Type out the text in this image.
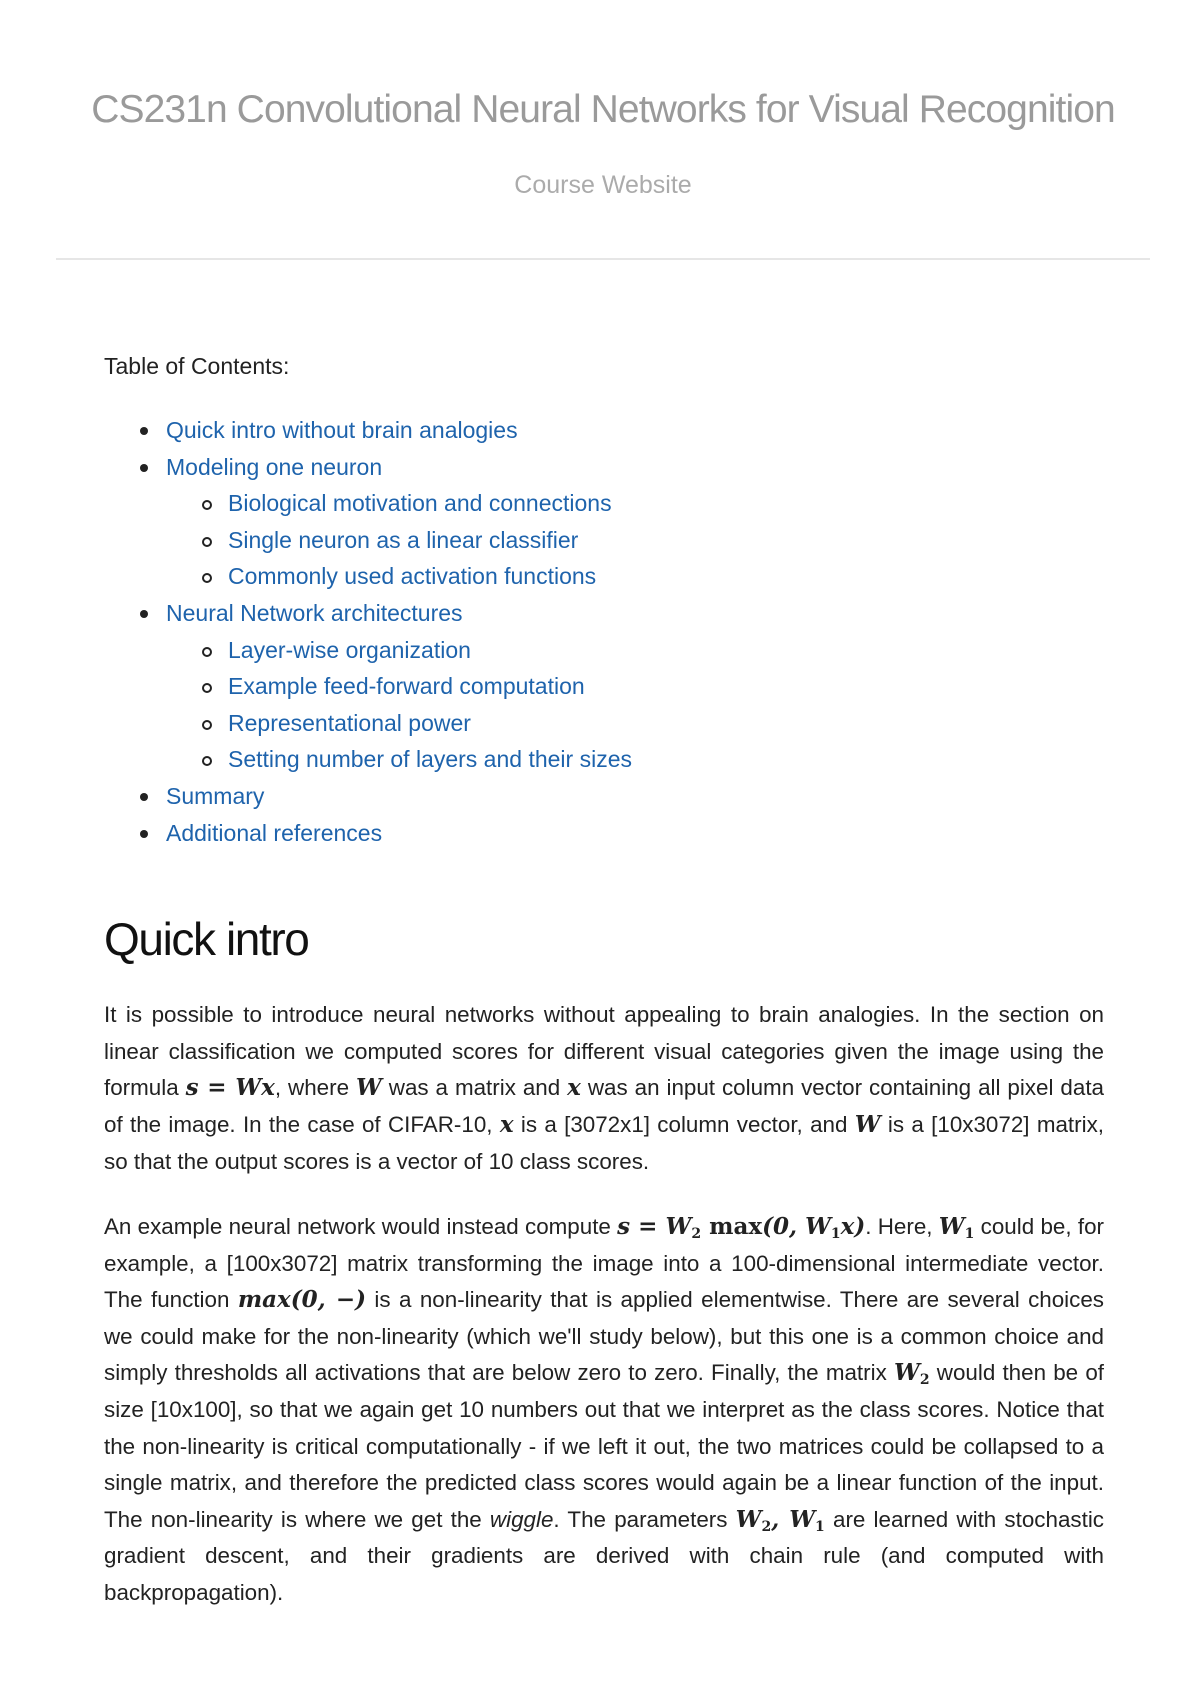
CS231n Convolutional Neural Networks for Visual Recognition
Course Website

Table of Contents:

Quick intro without brain analogies
Modeling one neuron
Biological motivation and connections
Single neuron as a linear classifier
Commonly used activation functions
Neural Network architectures
Layer-wise organization
Example feed-forward computation
Representational power
Setting number of layers and their sizes
Summary
Additional references
Quick intro

It is possible to introduce neural networks without appealing to brain analogies. In the section on linear classification we computed scores for different visual categories given the image using the formula s = Wx, where W was a matrix and x was an input column vector containing all pixel data of the image. In the case of CIFAR-10, x is a [3072x1] column vector, and W is a [10x3072] matrix, so that the output scores is a vector of 10 class scores.

An example neural network would instead compute $s = W_2$ max(0, $W_1x$). Here, $W_1$ could be, for example, a [100x3072] matrix transforming the image into a 100-dimensional intermediate vector. The function max(0, −) is a non-linearity that is applied elementwise. There are several choices we could make for the non-linearity (which we'll study below), but this one is a common choice and simply thresholds all activations that are below zero to zero. Finally, the matrix $W_2$ would then be of size [10x100], so that we again get 10 numbers out that we interpret as the class scores. Notice that the non-linearity is critical computationally - if we left it out, the two matrices could be collapsed to a single matrix, and therefore the predicted class scores would again be a linear function of the input. The non-linearity is where we get the wiggle. The parameters $W_2$, $W_1$ are learned with stochastic gradient descent, and their gradients are derived with chain rule (and computed with backpropagation).
